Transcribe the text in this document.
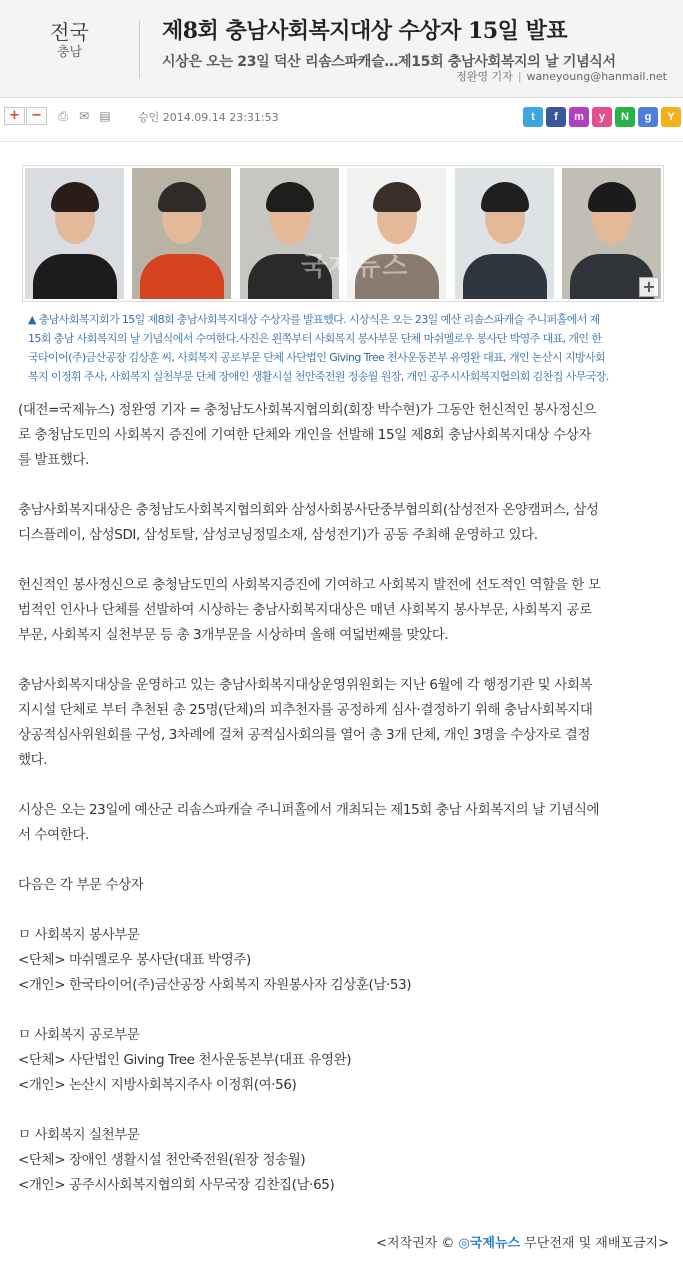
전국
충남
제8회 충남사회복지대상 수상자 15일 발표
시상은 오는 23일 덕산 리솜스파캐슬…제15회 충남사회복지의 날 기념식서
정완영 기자 | waneyoung@hanmail.net
+ −	⎙ ✉ ▤	승인 2014.09.14 23:31:53	t	f	m	y	N	g	Y
국제뉴스
+
▲ 충남사회복지회가 15일 제8회 충남사회복지대상 수상자를 발표했다. 시상식은 오는 23일 예산 리솜스파캐슬 주니퍼홀에서 제
15회 충남 사회복지의 날 기념식에서 수여한다.사진은 왼쪽부터 사회복지 봉사부문 단체 마쉬멜로우 봉사단 박영주 대표, 개인 한
국타이어(주)금산공장 김상훈 씨, 사회복지 공로부문 단체 사단법인 Giving Tree 천사운동본부 유영완 대표, 개인 논산시 지방사회
복지 이정휘 주사, 사회복지 실천부문 단체 장애인 생활시설 천안죽전원 정송월 원장, 개인 공주시사회복지협의회 김찬집 사무국장.

(대전=국제뉴스) 정완영 기자 = 충청남도사회복지협의회(회장 박수현)가 그동안 헌신적인 봉사정신으

로 충청남도민의 사회복지 증진에 기여한 단체와 개인을 선발해 15일 제8회 충남사회복지대상 수상자

를 발표했다.

충남사회복지대상은 충청남도사회복지협의회와 삼성사회봉사단중부협의회(삼성전자 온양캠퍼스, 삼성

디스플레이, 삼성SDI, 삼성토탈, 삼성코닝정밀소재, 삼성전기)가 공동 주최해 운영하고 있다.

헌신적인 봉사정신으로 충청남도민의 사회복지증진에 기여하고 사회복지 발전에 선도적인 역할을 한 모

범적인 인사나 단체를 선발하여 시상하는 충남사회복지대상은 매년 사회복지 봉사부문, 사회복지 공로

부문, 사회복지 실천부문 등 총 3개부문을 시상하며 올해 여덟번째를 맞았다.

충남사회복지대상을 운영하고 있는 충남사회복지대상운영위원회는 지난 6월에 각 행정기관 및 사회복

지시설 단체로 부터 추천된 총 25명(단체)의 피추천자를 공정하게 심사·결정하기 위해 충남사회복지대

상공적심사위원회를 구성, 3차례에 걸쳐 공적심사회의를 열어 총 3개 단체, 개인 3명을 수상자로 결정

했다.

시상은 오는 23일에 예산군 리솜스파캐슬 주니퍼홀에서 개최되는 제15회 충남 사회복지의 날 기념식에

서 수여한다.

다음은 각 부문 수상자

ㅁ 사회복지 봉사부문

<단체> 마쉬멜로우 봉사단(대표 박영주)

<개인> 한국타이어(주)금산공장 사회복지 자원봉사자 김상훈(남·53)

ㅁ 사회복지 공로부문

<단체> 사단법인 Giving Tree 천사운동본부(대표 유영완)

<개인> 논산시 지방사회복지주사 이정휘(여·56)

ㅁ 사회복지 실천부문

<단체> 장애인 생활시설 천안죽전원(원장 정송월)

<개인> 공주시사회복지협의회 사무국장 김찬집(남·65)

<저작권자 © ◎국제뉴스 무단전재 및 재배포금지>
